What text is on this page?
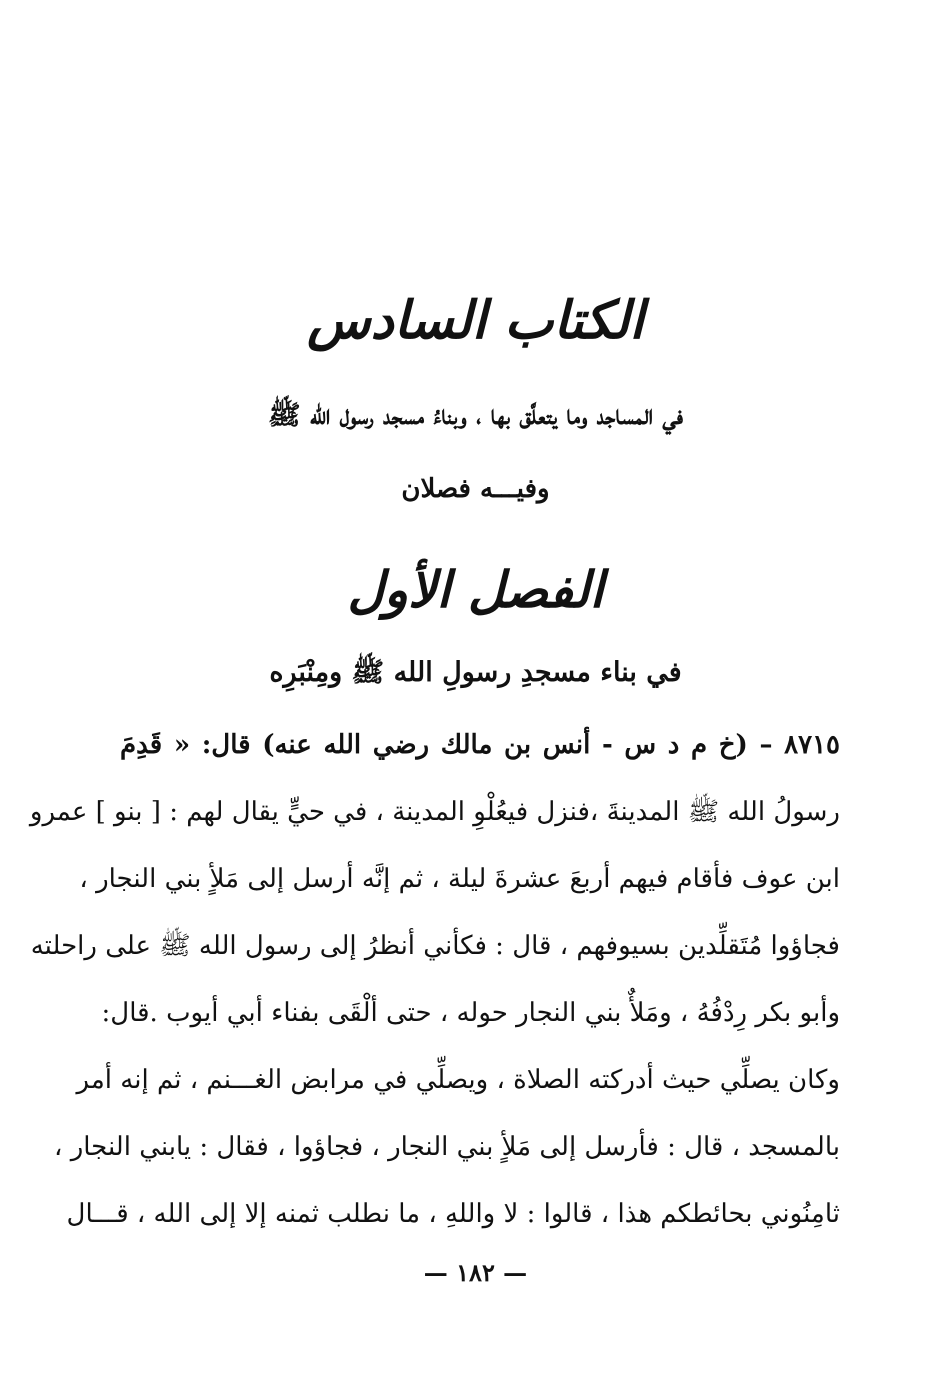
الكتاب السادس
في المساجد وما يتعلَّق بها ، وبناءُ مسجد رسول الله ﷺ
وفيـــه فصلان
الفصل الأول
في بناء مسجدِ رسولِ الله ﷺ ومِنْبَرِه
٨٧١٥ – (خ م د س - أنس بن مالك رضي الله عنه) قال: « قَدِمَ
رسولُ الله ﷺ المدينةَ ،فنزل فيعُلْوِ المدينة ، في حيٍّ يقال لهم : [ بنو ] عمرو
ابن عوف فأقام فيهم أربعَ عشرةَ ليلة ، ثم إنَّه أرسل إلى مَلأٍ بني النجار ،
فجاؤوا مُتَقلِّدين بسيوفهم ، قال : فكأني أنظرُ إلى رسول الله ﷺ على راحلته
وأبو بكر رِدْفُهُ ، ومَلأٌ بني النجار حوله ، حتى ألْقَى بفناء أبي أيوب .قال:
وكان يصلِّي حيث أدركته الصلاة ، ويصلِّي في مرابض الغـــنم ، ثم إنه أمر
بالمسجد ، قال : فأرسل إلى مَلأٍ بني النجار ، فجاؤوا ، فقال : يابني النجار ،
ثامِنُوني بحائطكم هذا ، قالوا : لا واللهِ ، ما نطلب ثمنه إلا إلى الله ، قـــال
— ١٨٢ —
